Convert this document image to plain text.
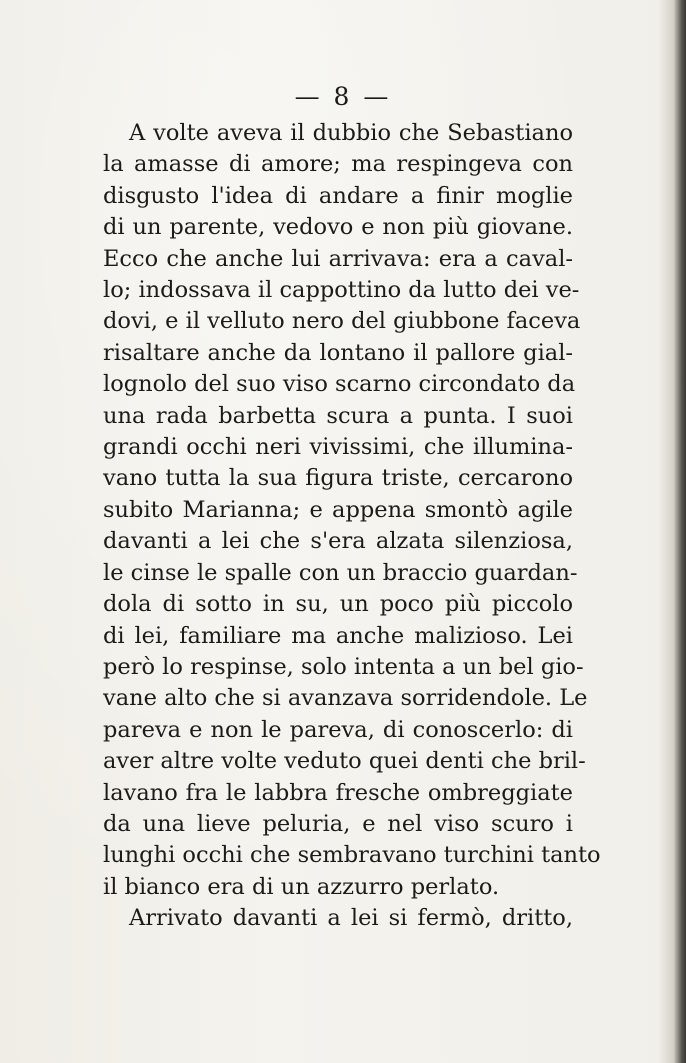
— 8 —

A volte aveva il dubbio che Sebastiano
la amasse di amore; ma respingeva con
disgusto l'idea di andare a finir moglie
di un parente, vedovo e non più giovane.
Ecco che anche lui arrivava: era a caval-
lo; indossava il cappottino da lutto dei ve-
dovi, e il velluto nero del giubbone faceva
risaltare anche da lontano il pallore gial-
lognolo del suo viso scarno circondato da
una rada barbetta scura a punta. I suoi
grandi occhi neri vivissimi, che illumina-
vano tutta la sua figura triste, cercarono
subito Marianna; e appena smontò agile
davanti a lei che s'era alzata silenziosa,
le cinse le spalle con un braccio guardan-
dola di sotto in su, un poco più piccolo
di lei, familiare ma anche malizioso. Lei
però lo respinse, solo intenta a un bel gio-
vane alto che si avanzava sorridendole. Le
pareva e non le pareva, di conoscerlo: di
aver altre volte veduto quei denti che bril-
lavano fra le labbra fresche ombreggiate
da una lieve peluria, e nel viso scuro i
lunghi occhi che sembravano turchini tanto
il bianco era di un azzurro perlato.
Arrivato davanti a lei si fermò, dritto,
